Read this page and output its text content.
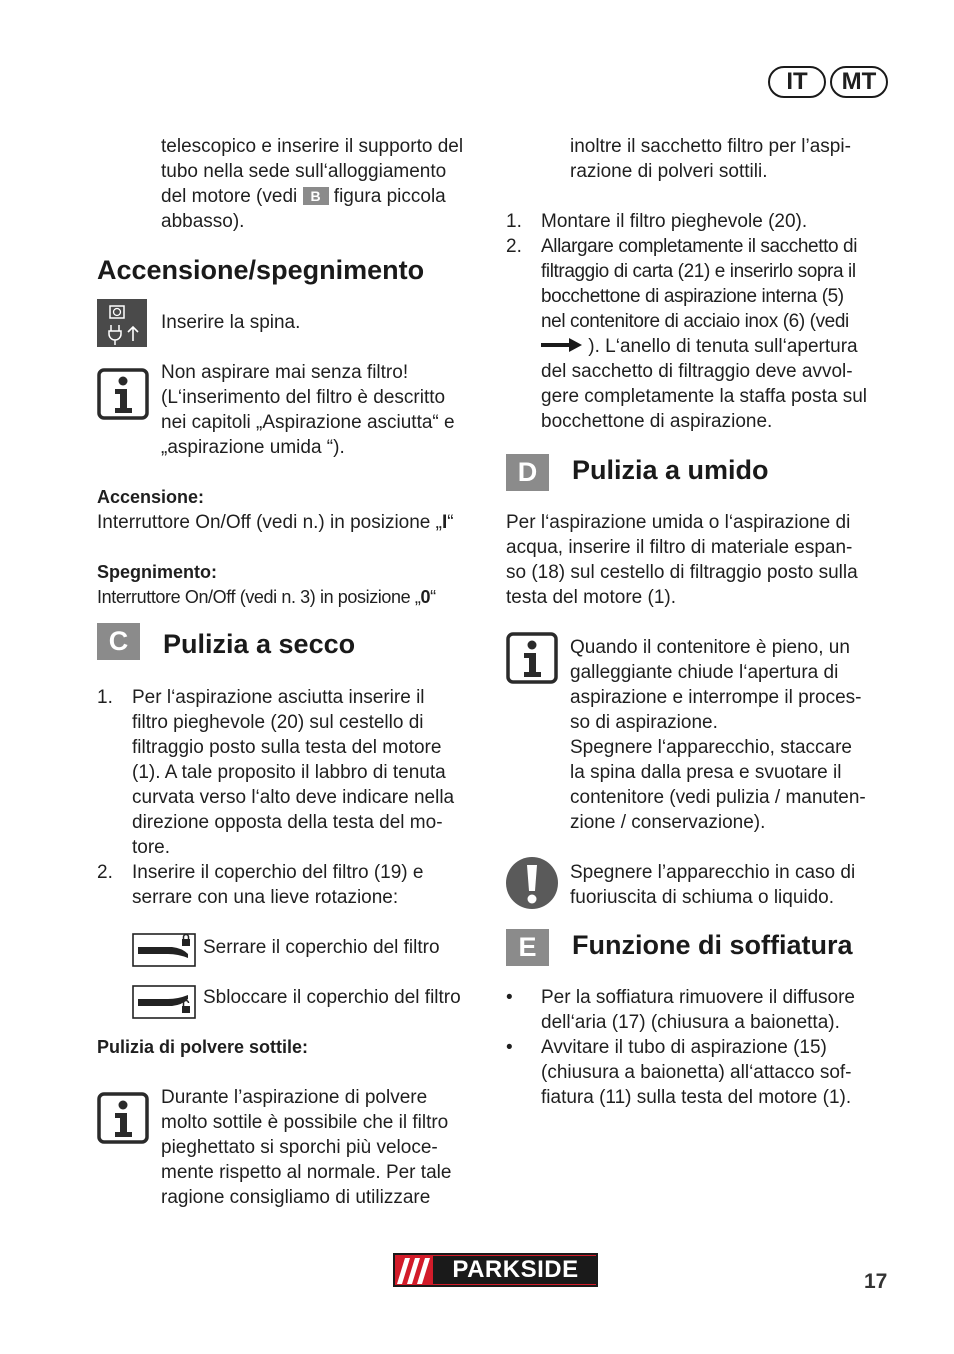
IT	MT
telescopico e inserire il supporto del
tubo nella sede sull‘alloggiamento
del motore (vedi B figura piccola
abbasso).
Accensione/spegnimento
Inserire la spina.
Non aspirare mai senza filtro!
(L‘inserimento del filtro è descritto
nei capitoli „Aspirazione asciutta“ e
„aspirazione umida “).
Accensione:
Interruttore On/Off (vedi n.) in posizione „I“
Spegnimento:
Interruttore On/Off (vedi n. 3) in posizione „0“
C	Pulizia a secco
1. Per l‘aspirazione asciutta inserire il
filtro pieghevole (20) sul cestello di
filtraggio posto sulla testa del motore
(1). A tale proposito il labbro di tenuta
curvata verso l‘alto deve indicare nella
direzione opposta della testa del mo-
tore.
2. Inserire il coperchio del filtro (19) e
serrare con una lieve rotazione:
Serrare il coperchio del filtro
Sbloccare il coperchio del filtro
Pulizia di polvere sottile:
Durante l’aspirazione di polvere
molto sottile è possibile che il filtro
pieghettato si sporchi più veloce-
mente rispetto al normale. Per tale
ragione consigliamo di utilizzare
inoltre il sacchetto filtro per l’aspi-
razione di polveri sottili.
1. Montare il filtro pieghevole (20).
2. Allargare completamente il sacchetto di
filtraggio di carta (21) e inserirlo sopra il
bocchettone di aspirazione interna (5)
nel contenitore di acciaio inox (6) (vedi
). L‘anello di tenuta sull‘apertura
del sacchetto di filtraggio deve avvol-
gere completamente la staffa posta sul
bocchettone di aspirazione.
D	Pulizia a umido
Per l‘aspirazione umida o l‘aspirazione di
acqua, inserire il filtro di materiale espan-
so (18) sul cestello di filtraggio posto sulla
testa del motore (1).
Quando il contenitore è pieno, un
galleggiante chiude l‘apertura di
aspirazione e interrompe il proces-
so di aspirazione.
Spegnere l‘apparecchio, staccare
la spina dalla presa e svuotare il
contenitore (vedi pulizia / manuten-
zione / conservazione).
Spegnere l’apparecchio in caso di
fuoriuscita di schiuma o liquido.
E	Funzione di soffiatura
• Per la soffiatura rimuovere il diffusore
dell‘aria (17) (chiusura a baionetta).
• Avvitare il tubo di aspirazione (15)
(chiusura a baionetta) all‘attacco sof-
fiatura (11) sulla testa del motore (1).
PARKSIDE	17
